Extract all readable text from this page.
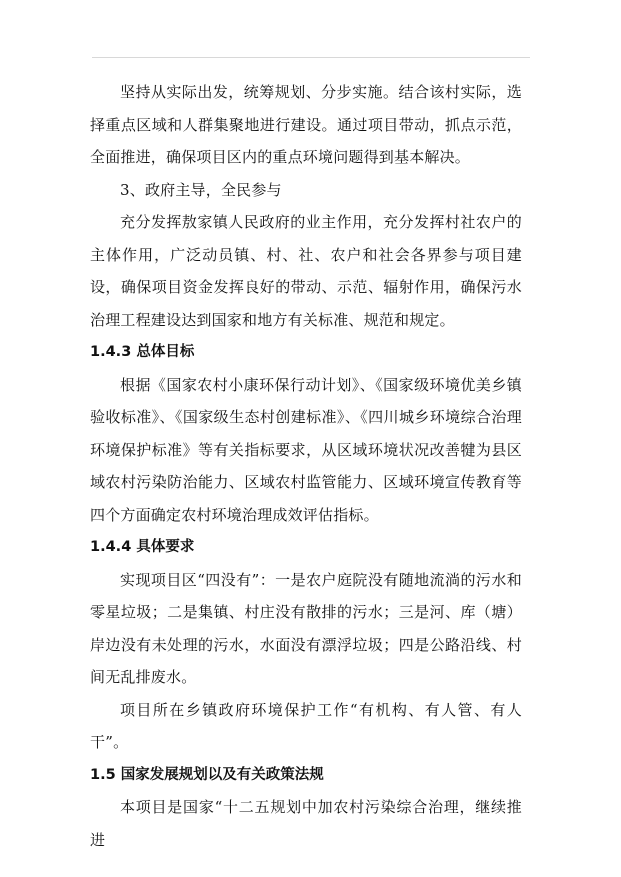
坚持从实际出发，统筹规划、分步实施。结合该村实际，选择重点区域和人群集聚地进行建设。通过项目带动，抓点示范，全面推进，确保项目区内的重点环境问题得到基本解决。

3、政府主导，全民参与

充分发挥敖家镇人民政府的业主作用，充分发挥村社农户的主体作用，广泛动员镇、村、社、农户和社会各界参与项目建设，确保项目资金发挥良好的带动、示范、辐射作用，确保污水治理工程建设达到国家和地方有关标准、规范和规定。

1.4.3 总体目标

根据《国家农村小康环保行动计划》、《国家级环境优美乡镇验收标准》、《国家级生态村创建标准》、《四川城乡环境综合治理环境保护标准》等有关指标要求，从区域环境状况改善犍为县区域农村污染防治能力、区域农村监管能力、区域环境宣传教育等四个方面确定农村环境治理成效评估指标。

1.4.4 具体要求

实现项目区“四没有”：一是农户庭院没有随地流淌的污水和零星垃圾；二是集镇、村庄没有散排的污水；三是河、库（塘）岸边没有未处理的污水，水面没有漂浮垃圾；四是公路沿线、村间无乱排废水。

项目所在乡镇政府环境保护工作“有机构、有人管、有人干”。

1.5 国家发展规划以及有关政策法规

本项目是国家“十二五规划中加农村污染综合治理，继续推进
